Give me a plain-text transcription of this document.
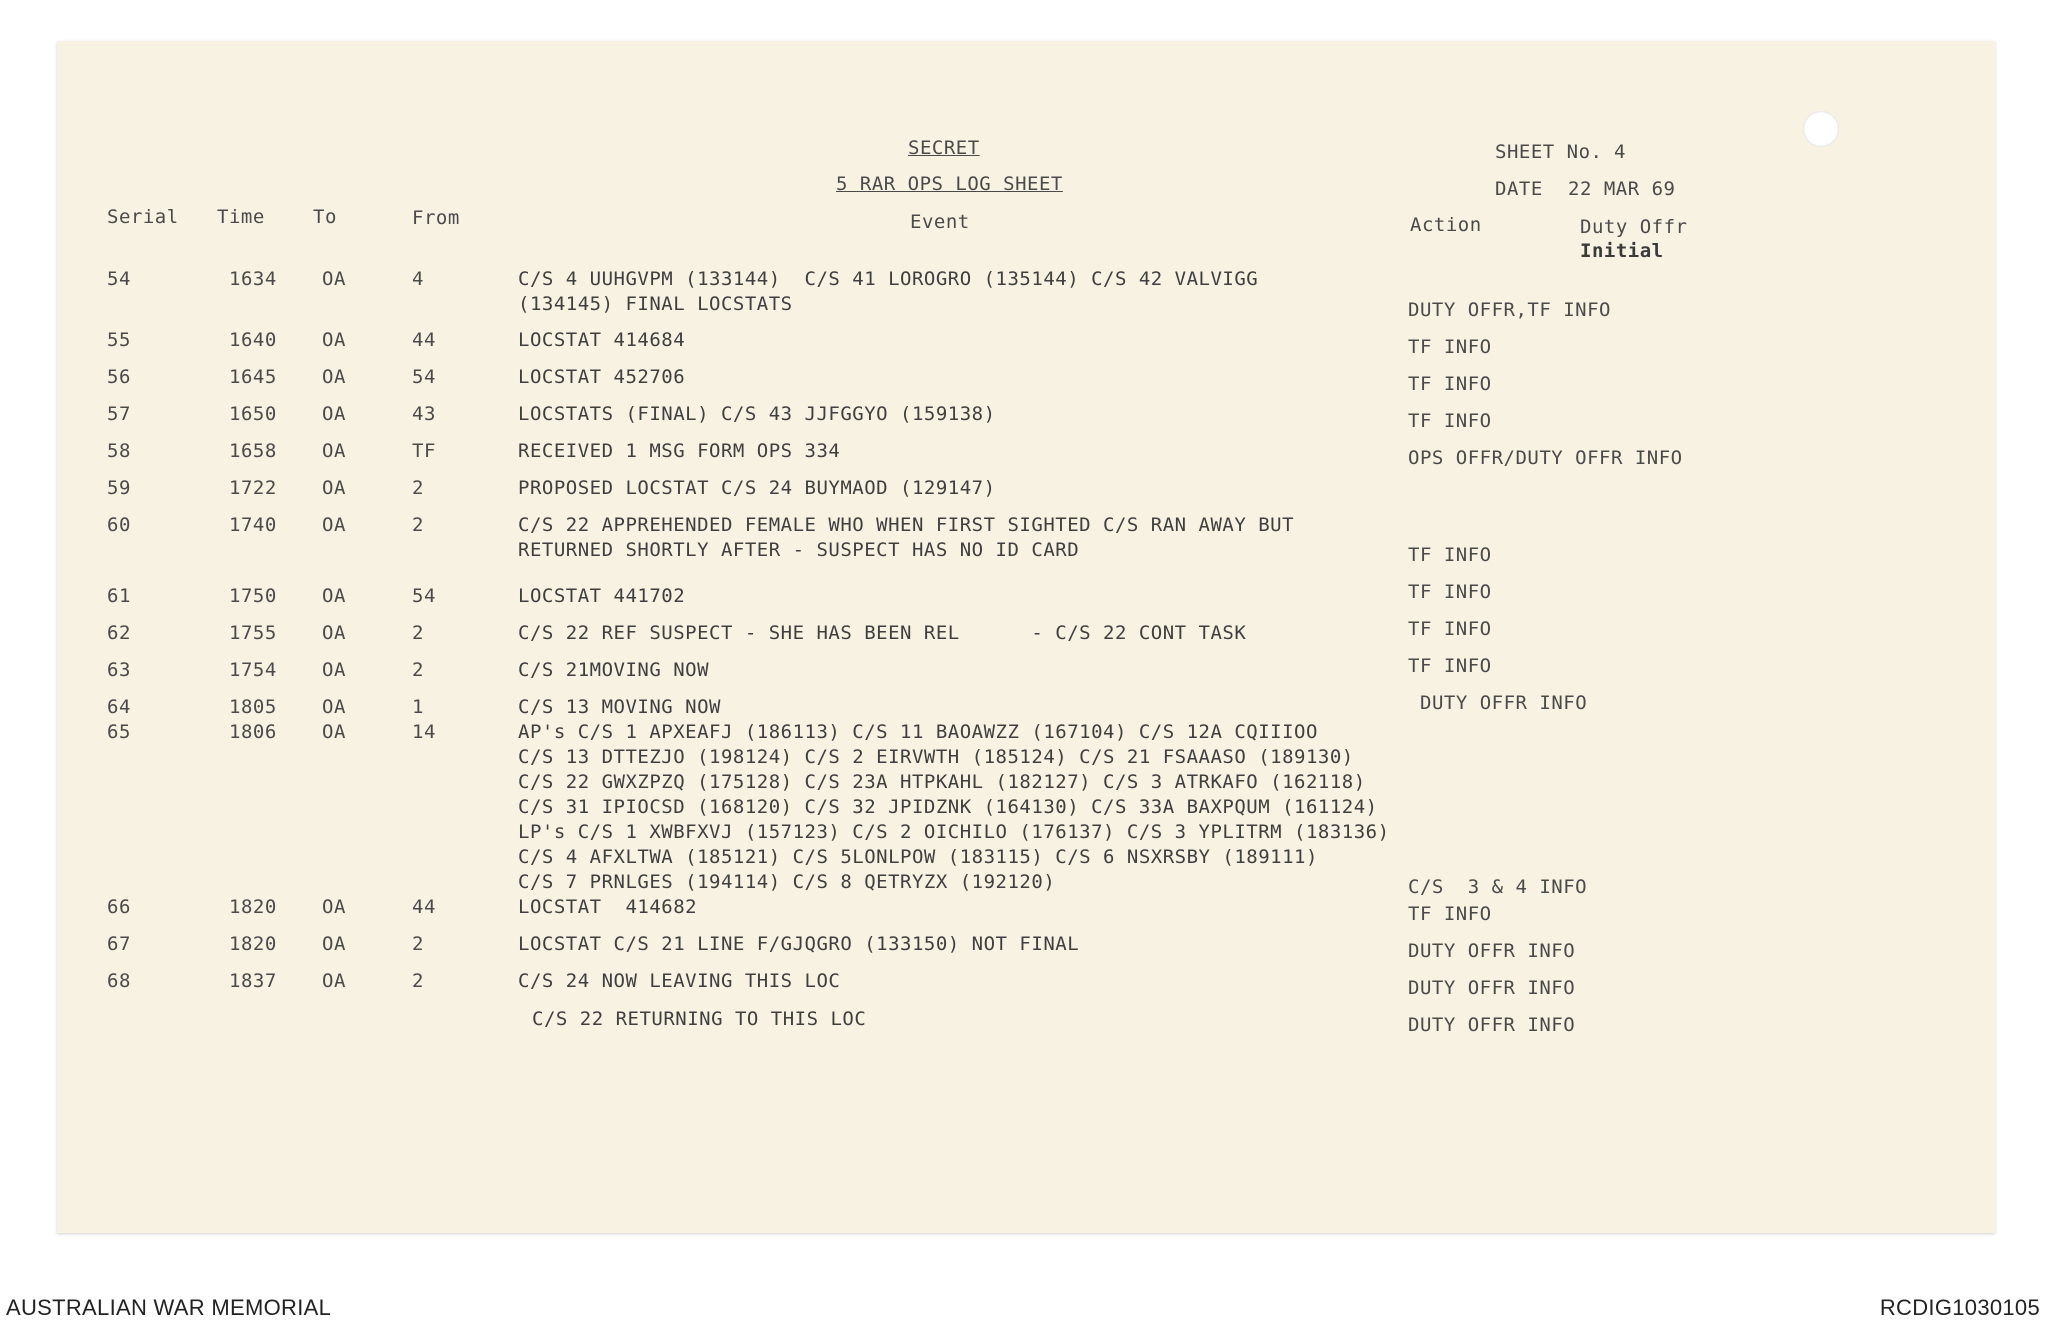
SECRET
5 RAR OPS LOG SHEET
SHEET No. 4
DATE 22 MAR 69
Serial Time	To	From	Event	Action	Duty Offr
Initial
54	1634 OA	4	C/S 4 UUHGVPM (133144)  C/S 41 LOROGRO (135144) C/S 42 VALVIGG
(134145) FINAL LOCSTATS	DUTY OFFR,TF INFO
55	1640 OA	44	LOCSTAT 414684	TF INFO
56	1645 OA	54	LOCSTAT 452706	TF INFO
57	1650 OA	43	LOCSTATS (FINAL) C/S 43 JJFGGYO (159138)	TF INFO
58	1658 OA	TF	RECEIVED 1 MSG FORM OPS 334	OPS OFFR/DUTY OFFR INFO
59	1722 OA	2	PROPOSED LOCSTAT C/S 24 BUYMAOD (129147)
60	1740 OA	2	C/S 22 APPREHENDED FEMALE WHO WHEN FIRST SIGHTED C/S RAN AWAY BUT
RETURNED SHORTLY AFTER - SUSPECT HAS NO ID CARD	TF INFO
61	1750 OA	54	LOCSTAT 441702	TF INFO
62	1755 OA	2	C/S 22 REF SUSPECT - SHE HAS BEEN REL      - C/S 22 CONT TASK	TF INFO
63	1754 OA	2	C/S 21MOVING NOW	TF INFO
64	1805 OA	1	C/S 13 MOVING NOW	DUTY OFFR INFO
65	1806 OA	14	AP's C/S 1 APXEAFJ (186113) C/S 11 BAOAWZZ (167104) C/S 12A CQIIIOO
C/S 13 DTTEZJO (198124) C/S 2 EIRVWTH (185124) C/S 21 FSAAASO (189130)
C/S 22 GWXZPZQ (175128) C/S 23A HTPKAHL (182127) C/S 3 ATRKAFO (162118)
C/S 31 IPIOCSD (168120) C/S 32 JPIDZNK (164130) C/S 33A BAXPQUM (161124)
LP's C/S 1 XWBFXVJ (157123) C/S 2 OICHILO (176137) C/S 3 YPLITRM (183136)
C/S 4 AFXLTWA (185121) C/S 5LONLPOW (183115) C/S 6 NSXRSBY (189111)
C/S 7 PRNLGES (194114) C/S 8 QETRYZX (192120)	C/S  3 & 4 INFO
66	1820 OA	44	LOCSTAT  414682	TF INFO
67	1820 OA	2	LOCSTAT C/S 21 LINE F/GJQGRO (133150) NOT FINAL	DUTY OFFR INFO
68	1837 OA	2	C/S 24 NOW LEAVING THIS LOC	DUTY OFFR INFO
C/S 22 RETURNING TO THIS LOC	DUTY OFFR INFO
AUSTRALIAN WAR MEMORIAL	RCDIG1030105
